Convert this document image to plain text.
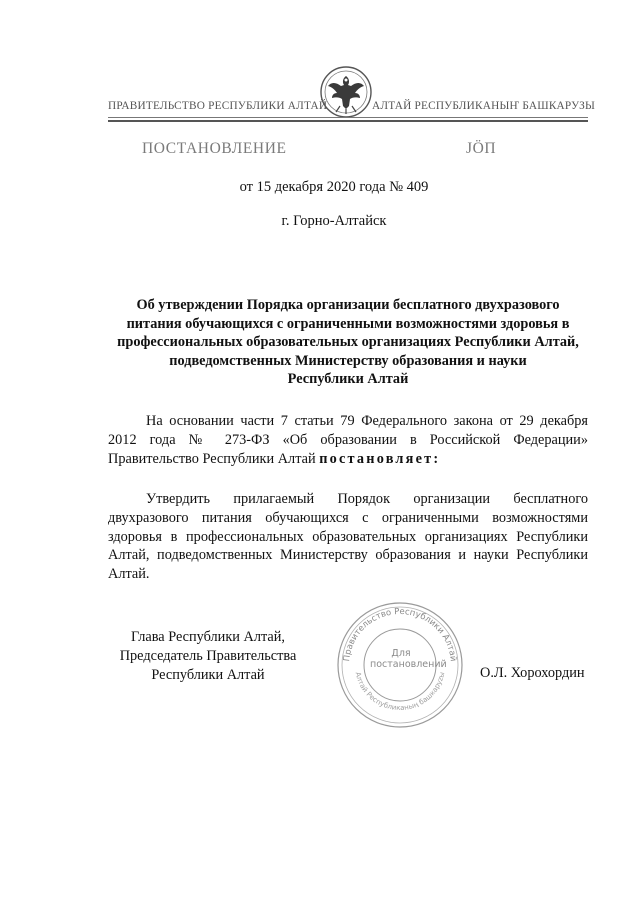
ПРАВИТЕЛЬСТВО РЕСПУБЛИКИ АЛТАЙ	АЛТАЙ РЕСПУБЛИКАНЫҤ БАШКАРУЗЫ
ПОСТАНОВЛЕНИЕ	ЈӦП
от 15 декабря 2020 года № 409
г. Горно-Алтайск
Об утверждении Порядка организации бесплатного двухразового
питания обучающихся с ограниченными возможностями здоровья в
профессиональных образовательных организациях Республики Алтай,
подведомственных Министерству образования и науки
Республики Алтай
На основании части 7 статьи 79 Федерального закона от 29 декабря
2012 года № 273-ФЗ «Об образовании в Российской Федерации»
Правительство Республики Алтай постановляет:
Утвердить прилагаемый Порядок организации бесплатного
двухразового питания обучающихся с ограниченными возможностями
здоровья в профессиональных образовательных организациях Республики
Алтай, подведомственных Министерству образования и науки Республики
Алтай.
Правительство Республики Алтай
Алтай Республиканың башкаруzы
Для
постановлений
Глава Республики Алтай,
Председатель Правительства
Республики Алтай	О.Л. Хорохордин
